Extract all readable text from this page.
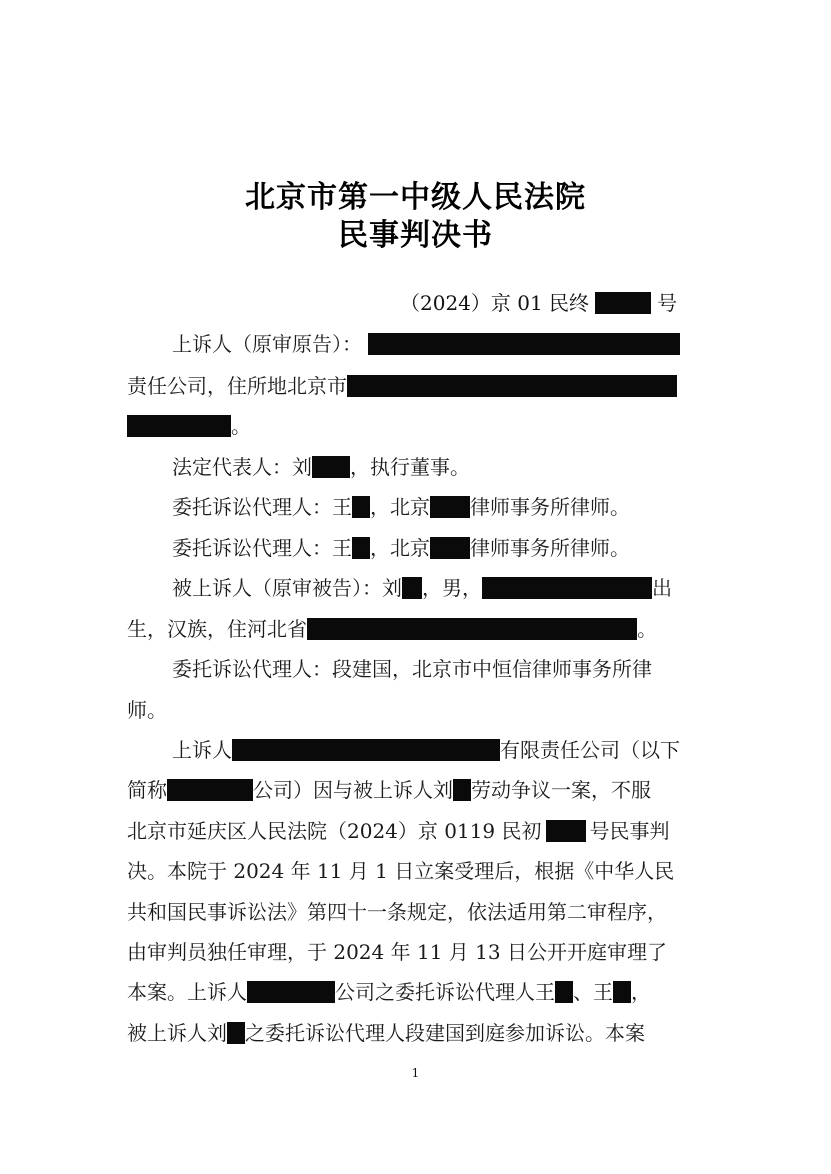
北京市第一中级人民法院
民事判决书
（2024）京 01 民终	号
上诉人（原审原告）：
责任公司，住所地北京市
。
法定代表人：刘 ，执行董事。
委托诉讼代理人：王 ，北京 律师事务所律师。
委托诉讼代理人：王 ，北京 律师事务所律师。
被上诉人（原审被告）：刘 ，男，	出
生，汉族，住河北省	。
委托诉讼代理人：段建国，北京市中恒信律师事务所律
师。
上诉人	有限责任公司（以下
简称	公司）因与被上诉人刘 劳动争议一案，不服
北京市延庆区人民法院（2024）京 0119 民初 号民事判
决。本院于 2024 年 11 月 1 日立案受理后，根据《中华人民
共和国民事诉讼法》第四十一条规定，依法适用第二审程序，
由审判员独任审理，于 2024 年 11 月 13 日公开开庭审理了
本案。上诉人	公司之委托诉讼代理人王 、王 ，
被上诉人刘 之委托诉讼代理人段建国到庭参加诉讼。本案
1
